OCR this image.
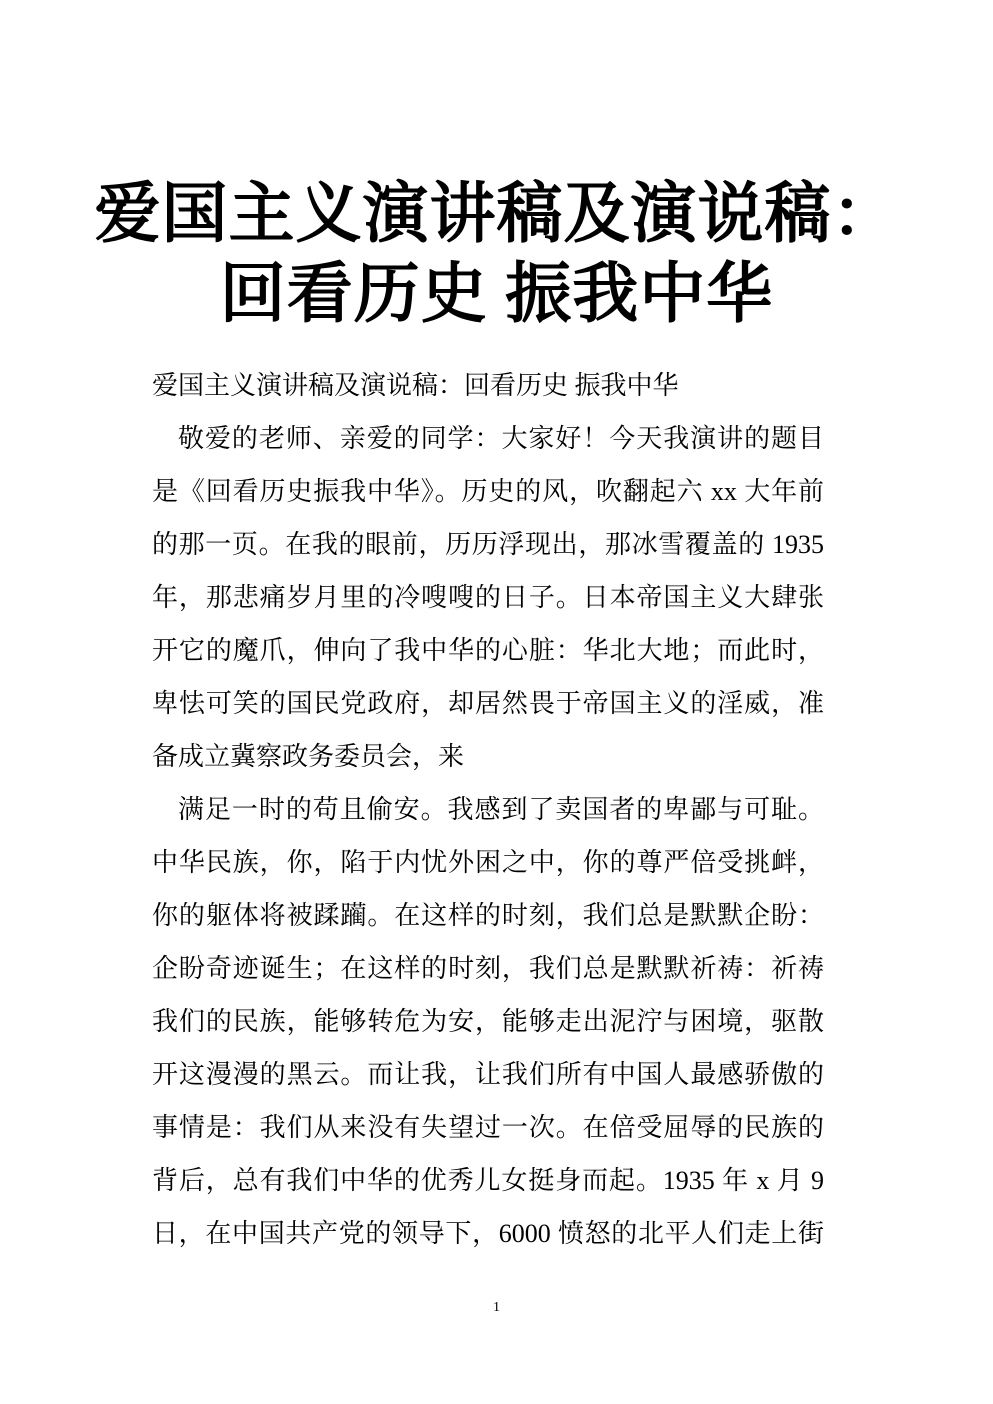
爱国主义演讲稿及演说稿：
回看历史 振我中华
爱国主义演讲稿及演说稿：回看历史 振我中华
敬爱的老师、亲爱的同学：大家好！今天我演讲的题目
是《回看历史振我中华》。历史的风，吹翻起六 xx 大年前
的那一页。在我的眼前，历历浮现出，那冰雪覆盖的 1935
年，那悲痛岁月里的冷嗖嗖的日子。日本帝国主义大肆张
开它的魔爪，伸向了我中华的心脏：华北大地；而此时，
卑怯可笑的国民党政府，却居然畏于帝国主义的淫威，准
备成立冀察政务委员会，来
满足一时的苟且偷安。我感到了卖国者的卑鄙与可耻。
中华民族，你，陷于内忧外困之中，你的尊严倍受挑衅，
你的躯体将被蹂躏。在这样的时刻，我们总是默默企盼：
企盼奇迹诞生；在这样的时刻，我们总是默默祈祷：祈祷
我们的民族，能够转危为安，能够走出泥泞与困境，驱散
开这漫漫的黑云。而让我，让我们所有中国人最感骄傲的
事情是：我们从来没有失望过一次。在倍受屈辱的民族的
背后，总有我们中华的优秀儿女挺身而起。1935 年 x 月 9
日，在中国共产党的领导下，6000 愤怒的北平人们走上街
1
